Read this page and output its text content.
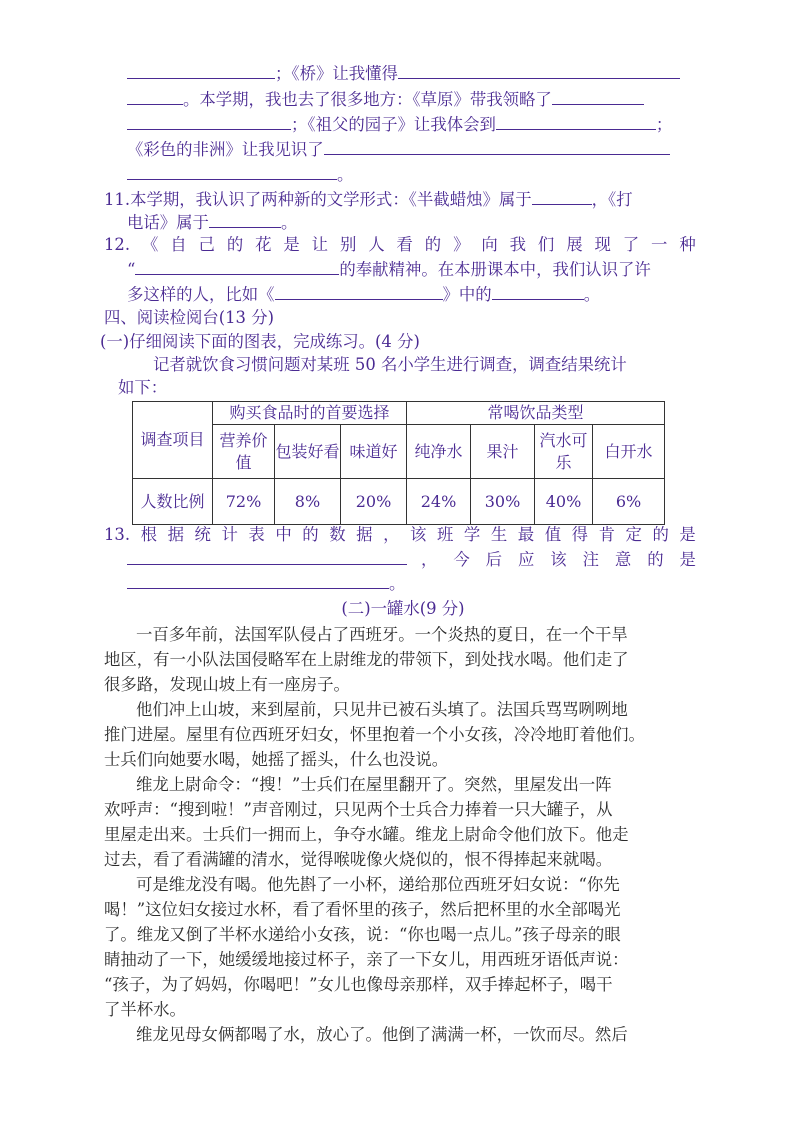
；《桥》让我懂得
。本学期，我也去了很多地方：《草原》带我领略了
；《祖父的园子》让我体会到	；
《彩色的非洲》让我见识了
。
11.本学期，我认识了两种新的文学形式：《半截蜡烛》属于	，《打
电话》属于	。
12. 《 自 己 的 花 是 让 别 人 看 的 》 向 我 们 展 现 了 一 种
“	的奉献精神。在本册课本中，我们认识了许
多这样的人，比如《	》中的	。
四、阅读检阅台(13 分)
(一)仔细阅读下面的图表，完成练习。(4 分)
记者就饮食习惯问题对某班 50 名小学生进行调查，调查结果统计
如下：
调查项目	购买食品时的首要选择			常喝饮品类型			
	营养价值	包装好看	味道好	纯净水	果汁	汽水可乐	白开水
人数比例	72%	8%	20%	24%	30%	40%	6%
13. 根 据 统 计 表 中 的 数 据 ， 该 班 学 生 最 值 得 肯 定 的 是
， 今 后 应 该 注 意 的 是
。
(二)一罐水(9 分)
一百多年前，法国军队侵占了西班牙。一个炎热的夏日，在一个干旱
地区，有一小队法国侵略军在上尉维龙的带领下，到处找水喝。他们走了
很多路，发现山坡上有一座房子。
他们冲上山坡，来到屋前，只见井已被石头填了。法国兵骂骂咧咧地
推门进屋。屋里有位西班牙妇女，怀里抱着一个小女孩，冷冷地盯着他们。
士兵们向她要水喝，她摇了摇头，什么也没说。
维龙上尉命令：“搜！”士兵们在屋里翻开了。突然，里屋发出一阵
欢呼声：“搜到啦！”声音刚过，只见两个士兵合力捧着一只大罐子，从
里屋走出来。士兵们一拥而上，争夺水罐。维龙上尉命令他们放下。他走
过去，看了看满罐的清水，觉得喉咙像火烧似的，恨不得捧起来就喝。
可是维龙没有喝。他先斟了一小杯，递给那位西班牙妇女说：“你先
喝！”这位妇女接过水杯，看了看怀里的孩子，然后把杯里的水全部喝光
了。维龙又倒了半杯水递给小女孩，说：“你也喝一点儿。”孩子母亲的眼
睛抽动了一下，她缓缓地接过杯子，亲了一下女儿，用西班牙语低声说：
“孩子，为了妈妈，你喝吧！”女儿也像母亲那样，双手捧起杯子，喝干
了半杯水。
维龙见母女俩都喝了水，放心了。他倒了满满一杯，一饮而尽。然后
